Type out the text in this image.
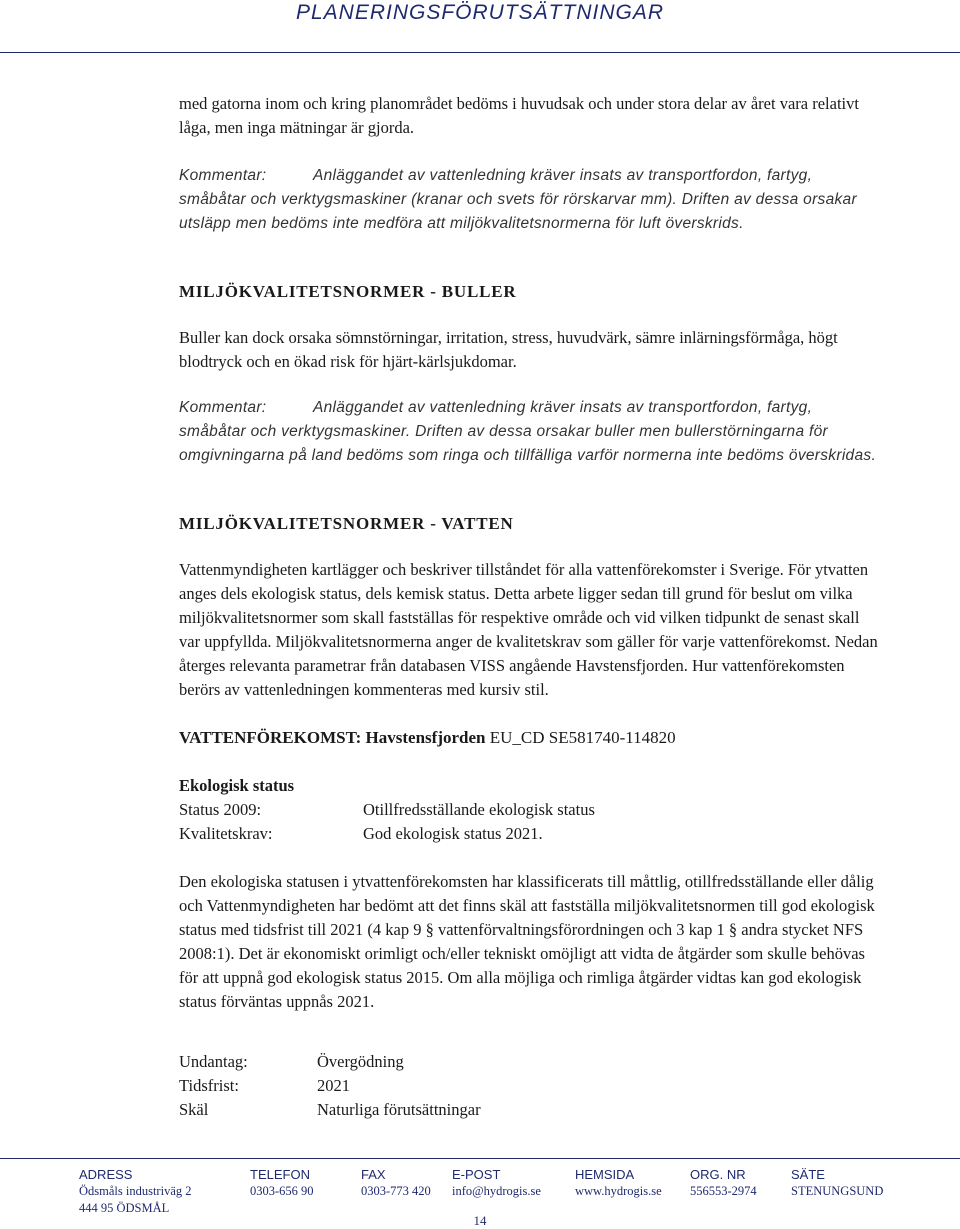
PLANERINGSFÖRUTSÄTTNINGAR

med gatorna inom och kring planområdet bedöms i huvudsak och under stora delar av året vara relativt låga, men inga mätningar är gjorda.

Kommentar:	Anläggandet av vattenledning kräver insats av transportfordon, fartyg, småbåtar och verktygsmaskiner (kranar och svets för rörskarvar mm). Driften av dessa orsakar utsläpp men bedöms inte medföra att miljökvalitetsnormerna för luft överskrids.

MILJÖKVALITETSNORMER - BULLER

Buller kan dock orsaka sömnstörningar, irritation, stress, huvudvärk, sämre inlärningsförmåga, högt blodtryck och en ökad risk för hjärt-kärlsjukdomar.

Kommentar:	Anläggandet av vattenledning kräver insats av transportfordon, fartyg, småbåtar och verktygsmaskiner. Driften av dessa orsakar buller men bullerstörningarna för omgivningarna på land bedöms som ringa och tillfälliga varför normerna inte bedöms överskridas.

MILJÖKVALITETSNORMER - VATTEN

Vattenmyndigheten kartlägger och beskriver tillståndet för alla vattenförekomster i Sverige. För ytvatten anges dels ekologisk status, dels kemisk status. Detta arbete ligger sedan till grund för beslut om vilka miljökvalitetsnormer som skall fastställas för respektive område och vid vilken tidpunkt de senast skall var uppfyllda. Miljökvalitetsnormerna anger de kvalitetskrav som gäller för varje vattenförekomst. Nedan återges relevanta parametrar från databasen VISS angående Havstensfjorden. Hur vattenförekomsten berörs av vattenledningen kommenteras med kursiv stil.

VATTENFÖREKOMST: Havstensfjorden EU_CD SE581740-114820

Ekologisk status

Status 2009:	Otillfredsställande ekologisk status
Kvalitetskrav:	God ekologisk status 2021.

Den ekologiska statusen i ytvattenförekomsten har klassificerats till måttlig, otillfredsställande eller dålig och Vattenmyndigheten har bedömt att det finns skäl att fastställa miljökvalitetsnormen till god ekologisk status med tidsfrist till 2021 (4 kap 9 § vattenförvaltningsförordningen och 3 kap 1 § andra stycket NFS 2008:1). Det är ekonomiskt orimligt och/eller tekniskt omöjligt att vidta de åtgärder som skulle behövas för att uppnå god ekologisk status 2015. Om alla möjliga och rimliga åtgärder vidtas kan god ekologisk status förväntas uppnås 2021.

Undantag:	Övergödning
Tidsfrist:	2021
Skäl	Naturliga förutsättningar
ADRESS
Ödsmåls industriväg 2
444 95 ÖDSMÅL
TELEFON
0303-656 90
FAX
0303-773 420
E-POST
info@hydrogis.se
HEMSIDA
www.hydrogis.se
ORG. NR
556553-2974
SÄTE
STENUNGSUND
14
